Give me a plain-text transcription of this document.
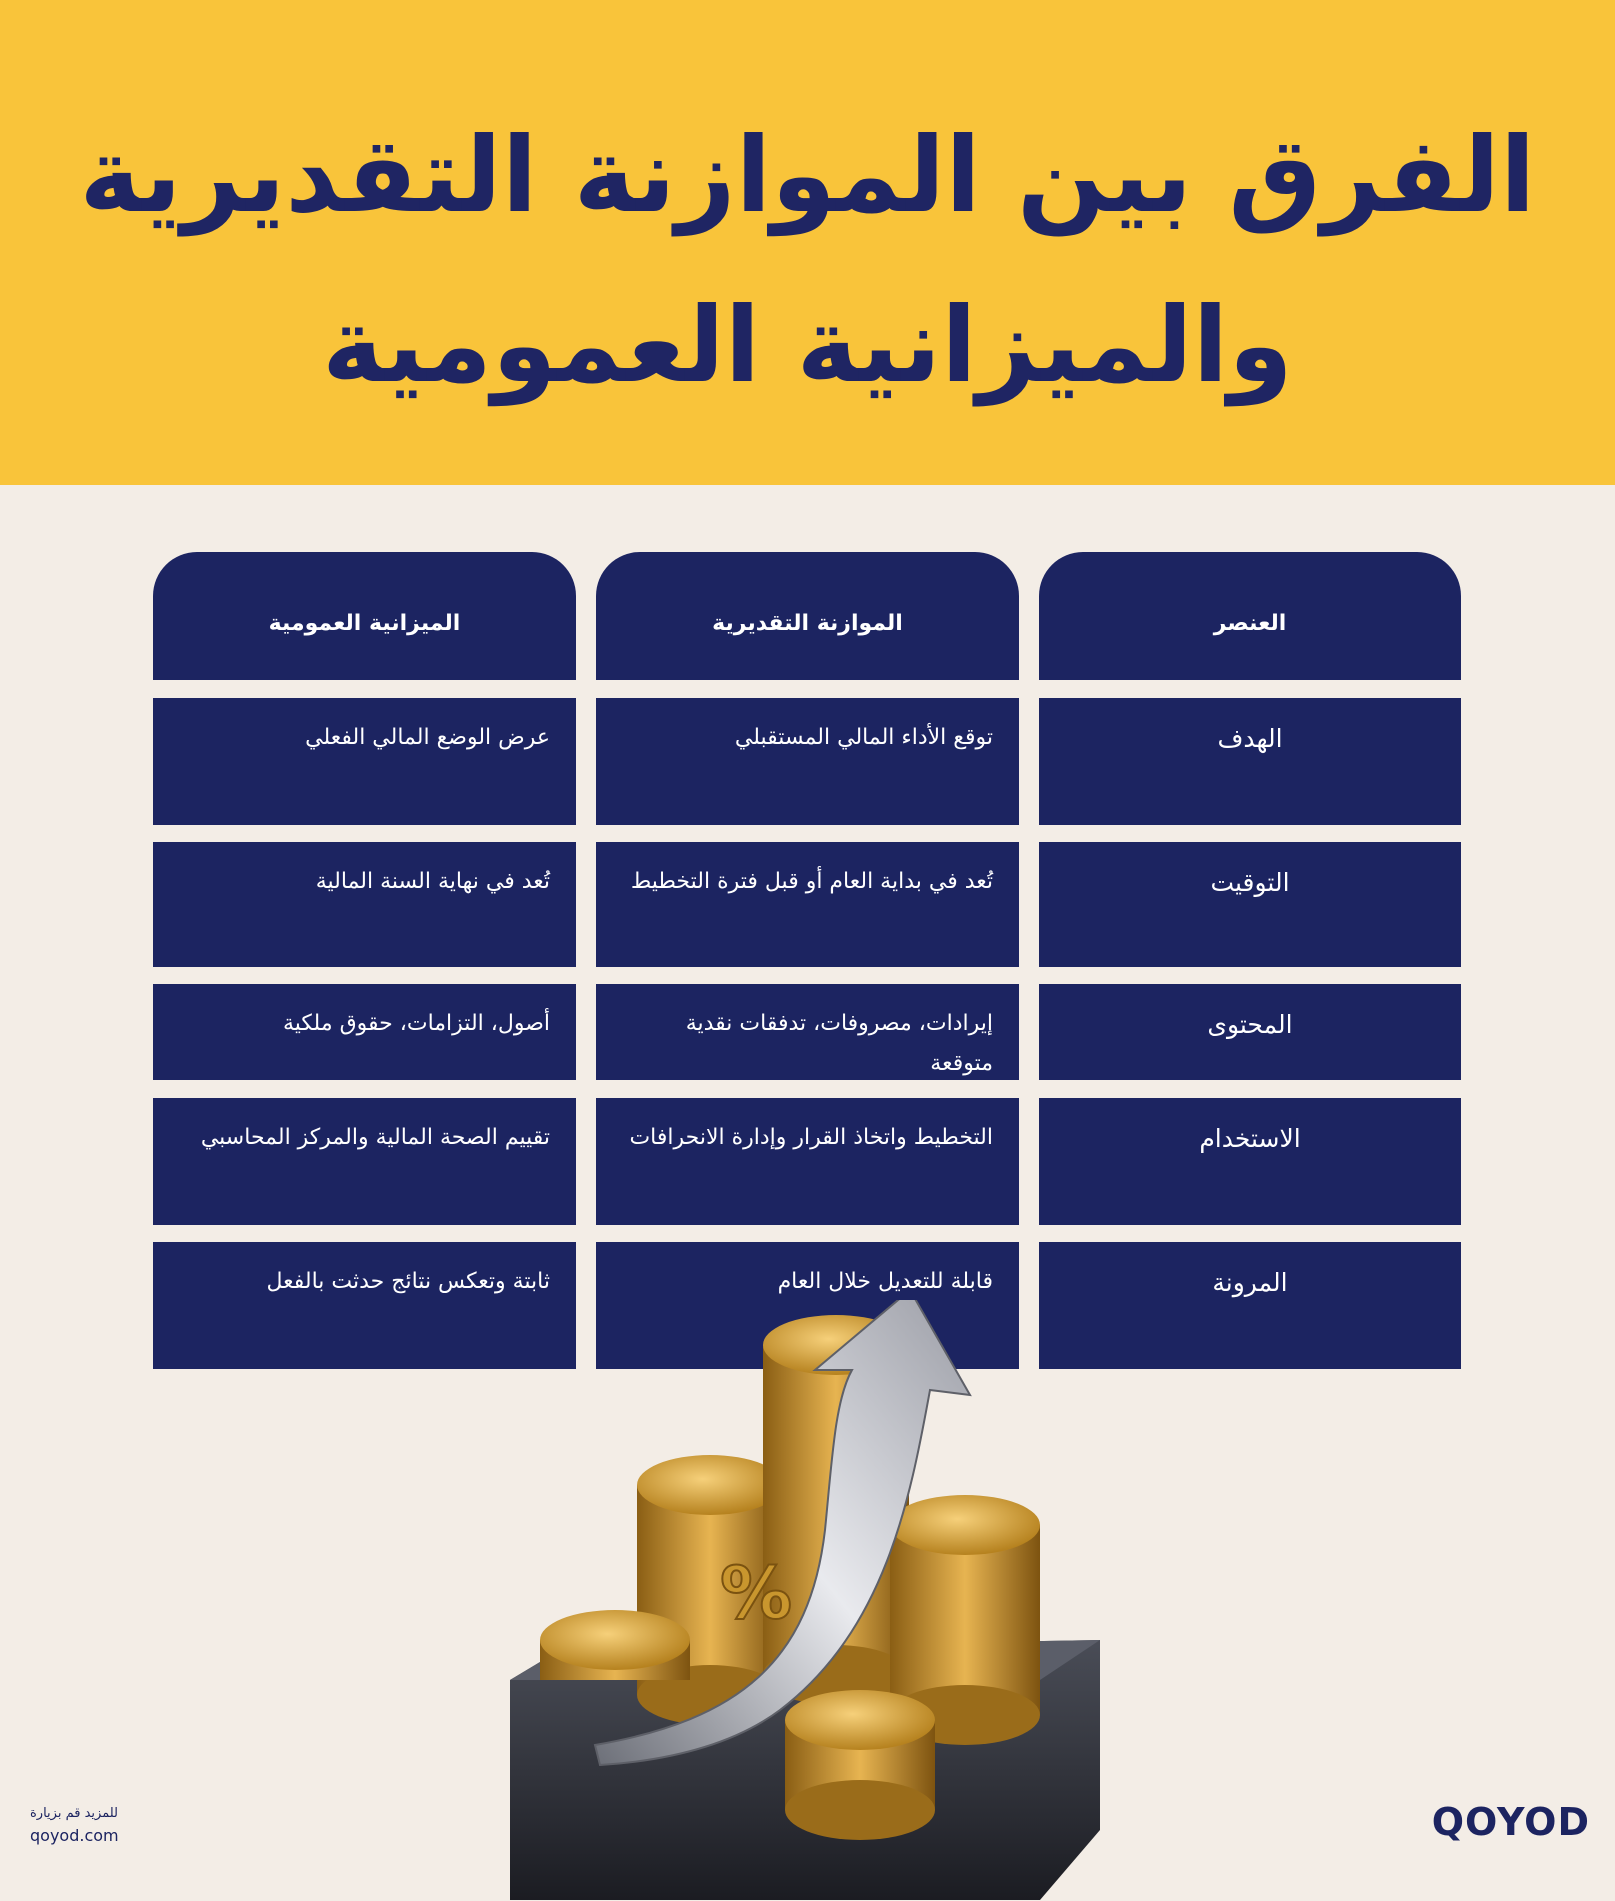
الفرق بين الموازنة التقديرية والميزانية العمومية
العنصر
الموازنة التقديرية
الميزانية العمومية
الهدف
توقع الأداء المالي المستقبلي
عرض الوضع المالي الفعلي
التوقيت
تُعد في بداية العام أو قبل فترة التخطيط
تُعد في نهاية السنة المالية
المحتوى
إيرادات، مصروفات، تدفقات نقدية متوقعة
أصول، التزامات، حقوق ملكية
الاستخدام
التخطيط واتخاذ القرار وإدارة الانحرافات
تقييم الصحة المالية والمركز المحاسبي
المرونة
قابلة للتعديل خلال العام
ثابتة وتعكس نتائج حدثت بالفعل
%
للمزيد قم بزيارة
qoyod.com	QOYOD
